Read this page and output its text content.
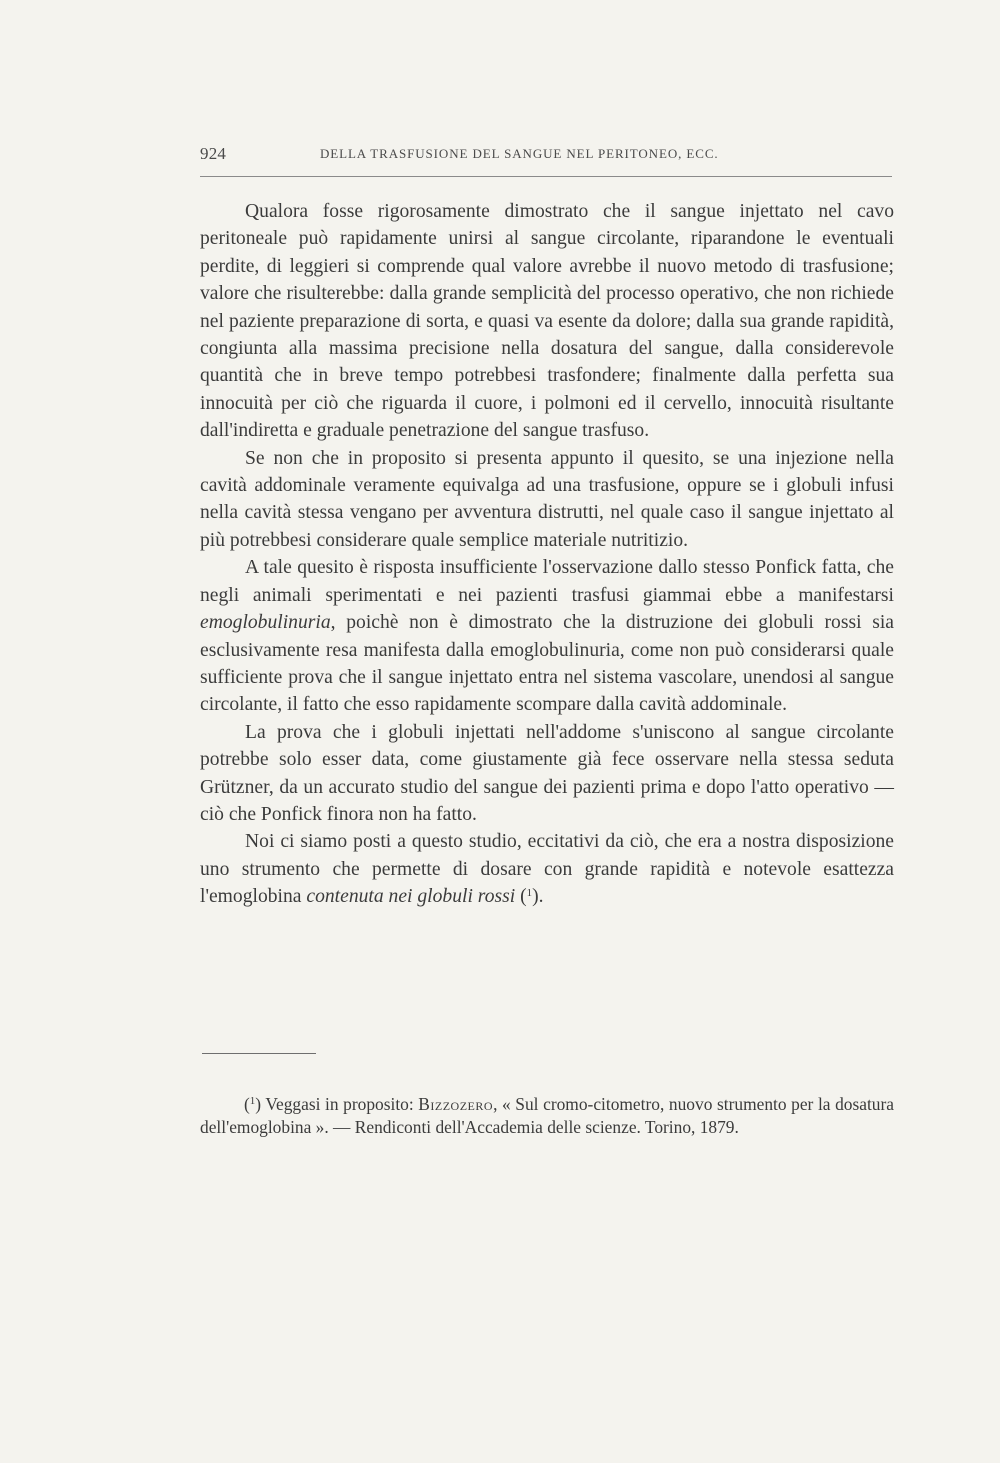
924	DELLA TRASFUSIONE DEL SANGUE NEL PERITONEO, ECC.

Qualora fosse rigorosamente dimostrato che il sangue injettato nel cavo peritoneale può rapidamente unirsi al sangue circolante, riparandone le eventuali perdite, di leggieri si comprende qual valore avrebbe il nuovo metodo di trasfusione; valore che risulterebbe: dalla grande semplicità del processo operativo, che non richiede nel paziente preparazione di sorta, e quasi va esente da dolore; dalla sua grande rapidità, congiunta alla massima precisione nella dosatura del sangue, dalla considerevole quantità che in breve tempo potrebbesi trasfondere; finalmente dalla perfetta sua innocuità per ciò che riguarda il cuore, i polmoni ed il cervello, innocuità risultante dall'indiretta e graduale penetrazione del sangue trasfuso.

Se non che in proposito si presenta appunto il quesito, se una injezione nella cavità addominale veramente equivalga ad una trasfusione, oppure se i globuli infusi nella cavità stessa vengano per avventura distrutti, nel quale caso il sangue injettato al più potrebbesi considerare quale semplice materiale nutritizio.

A tale quesito è risposta insufficiente l'osservazione dallo stesso Ponfick fatta, che negli animali sperimentati e nei pazienti trasfusi giammai ebbe a manifestarsi emoglobulinuria, poichè non è dimostrato che la distruzione dei globuli rossi sia esclusivamente resa manifesta dalla emoglobulinuria, come non può considerarsi quale sufficiente prova che il sangue injettato entra nel sistema vascolare, unendosi al sangue circolante, il fatto che esso rapidamente scompare dalla cavità addominale.

La prova che i globuli injettati nell'addome s'uniscono al sangue circolante potrebbe solo esser data, come giustamente già fece osservare nella stessa seduta Grützner, da un accurato studio del sangue dei pazienti prima e dopo l'atto operativo — ciò che Ponfick finora non ha fatto.

Noi ci siamo posti a questo studio, eccitativi da ciò, che era a nostra disposizione uno strumento che permette di dosare con grande rapidità e notevole esattezza l'emoglobina contenuta nei globuli rossi ($^1$).

($^1$) Veggasi in proposito: Bizzozero, « Sul cromo-citometro, nuovo strumento per la dosatura dell'emoglobina ». — Rendiconti dell'Accademia delle scienze. Torino, 1879.
